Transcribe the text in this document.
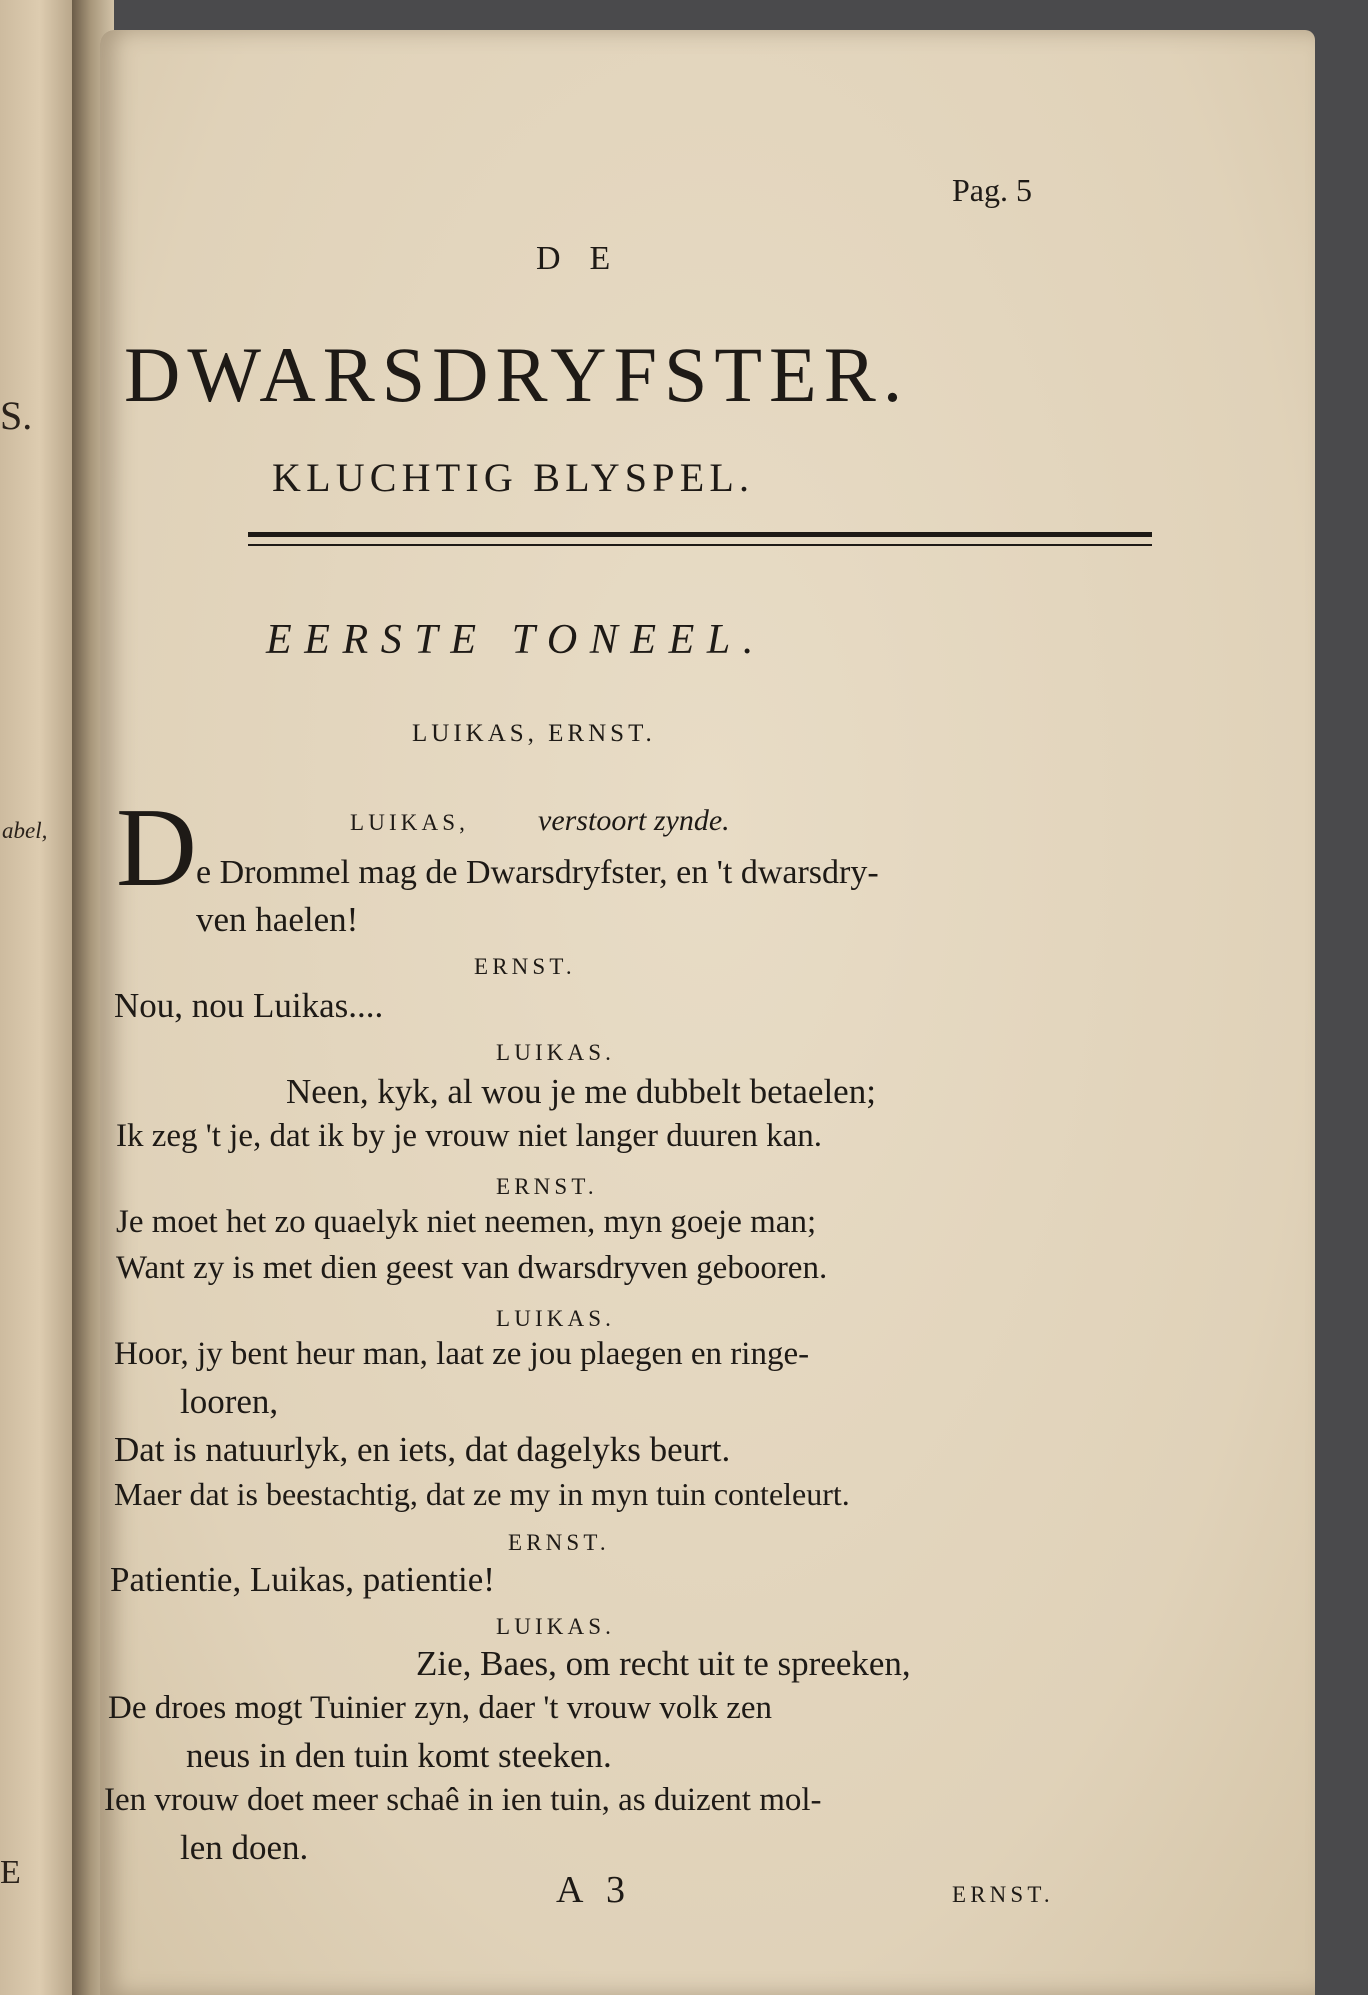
S.
abel,
E
Pag. 5
D E
DWARSDRYFSTER.
KLUCHTIG BLYSPEL.
EERSTE TONEEL.
LUIKAS, ERNST.
D	LUIKAS, verstoort zynde.
e Drommel mag de Dwarsdryfster, en 't dwarsdry-
ven haelen!
ERNST.
Nou, nou Luikas....
LUIKAS.
Neen, kyk, al wou je me dubbelt betaelen;
Ik zeg 't je, dat ik by je vrouw niet langer duuren kan.
ERNST.
Je moet het zo quaelyk niet neemen, myn goeje man;
Want zy is met dien geest van dwarsdryven gebooren.
LUIKAS.
Hoor, jy bent heur man, laat ze jou plaegen en ringe-
looren,
Dat is natuurlyk, en iets, dat dagelyks beurt.
Maer dat is beestachtig, dat ze my in myn tuin conteleurt.
ERNST.
Patientie, Luikas, patientie!
LUIKAS.
Zie, Baes, om recht uit te spreeken,
De droes mogt Tuinier zyn, daer 't vrouw volk zen
neus in den tuin komt steeken.
Ien vrouw doet meer schaê in ien tuin, as duizent mol-
len doen.
A 3	ERNST.
